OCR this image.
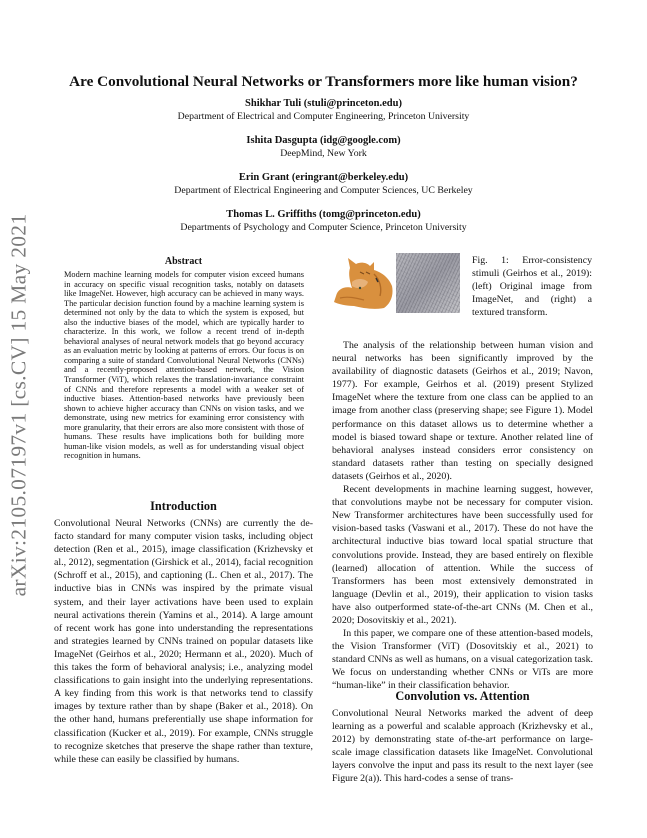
arXiv:2105.07197v1 [cs.CV] 15 May 2021
Are Convolutional Neural Networks or Transformers more like human vision?
Shikhar Tuli (stuli@princeton.edu)
Department of Electrical and Computer Engineering, Princeton University
Ishita Dasgupta (idg@google.com)
DeepMind, New York
Erin Grant (eringrant@berkeley.edu)
Department of Electrical Engineering and Computer Sciences, UC Berkeley
Thomas L. Griffiths (tomg@princeton.edu)
Departments of Psychology and Computer Science, Princeton University
Abstract
Modern machine learning models for computer vision exceed humans in accuracy on specific visual recognition tasks, notably on datasets like ImageNet. However, high accuracy can be achieved in many ways. The particular decision function found by a machine learning system is determined not only by the data to which the system is exposed, but also the inductive biases of the model, which are typically harder to characterize. In this work, we follow a recent trend of in-depth behavioral analyses of neural network models that go beyond accuracy as an evaluation metric by looking at patterns of errors. Our focus is on comparing a suite of standard Convolutional Neural Networks (CNNs) and a recently-proposed attention-based network, the Vision Transformer (ViT), which relaxes the translation-invariance constraint of CNNs and therefore represents a model with a weaker set of inductive biases. Attention-based networks have previously been shown to achieve higher accuracy than CNNs on vision tasks, and we demonstrate, using new metrics for examining error consistency with more granularity, that their errors are also more consistent with those of humans. These results have implications both for building more human-like vision models, as well as for understanding visual object recognition in humans.
Introduction

Convolutional Neural Networks (CNNs) are currently the de-facto standard for many computer vision tasks, including object detection (Ren et al., 2015), image classification (Krizhevsky et al., 2012), segmentation (Girshick et al., 2014), facial recognition (Schroff et al., 2015), and captioning (L. Chen et al., 2017). The inductive bias in CNNs was inspired by the primate visual system, and their layer activations have been used to explain neural activations therein (Yamins et al., 2014). A large amount of recent work has gone into understanding the representations and strategies learned by CNNs trained on popular datasets like ImageNet (Geirhos et al., 2020; Hermann et al., 2020). Much of this takes the form of behavioral analysis; i.e., analyzing model classifications to gain insight into the underlying representations. A key finding from this work is that networks tend to classify images by texture rather than by shape (Baker et al., 2018). On the other hand, humans preferentially use shape information for classification (Kucker et al., 2019). For example, CNNs struggle to recognize sketches that preserve the shape rather than texture, while these can easily be classified by humans.

Fig. 1: Error-consistency stimuli (Geirhos et al., 2019): (left) Original image from ImageNet, and (right) a textured transform.

The analysis of the relationship between human vision and neural networks has been significantly improved by the availability of diagnostic datasets (Geirhos et al., 2019; Navon, 1977). For example, Geirhos et al. (2019) present Stylized ImageNet where the texture from one class can be applied to an image from another class (preserving shape; see Figure 1). Model performance on this dataset allows us to determine whether a model is biased toward shape or texture. Another related line of behavioral analyses instead considers error consistency on standard datasets rather than testing on specially designed datasets (Geirhos et al., 2020).

Recent developments in machine learning suggest, however, that convolutions maybe not be necessary for computer vision. New Transformer architectures have been successfully used for vision-based tasks (Vaswani et al., 2017). These do not have the architectural inductive bias toward local spatial structure that convolutions provide. Instead, they are based entirely on flexible (learned) allocation of attention. While the success of Transformers has been most extensively demonstrated in language (Devlin et al., 2019), their application to vision tasks have also outperformed state-of-the-art CNNs (M. Chen et al., 2020; Dosovitskiy et al., 2021).

In this paper, we compare one of these attention-based models, the Vision Transformer (ViT) (Dosovitskiy et al., 2021) to standard CNNs as well as humans, on a visual categorization task. We focus on understanding whether CNNs or ViTs are more “human-like” in their classification behavior.

Convolution vs. Attention

Convolutional Neural Networks marked the advent of deep learning as a powerful and scalable approach (Krizhevsky et al., 2012) by demonstrating state of-the-art performance on large-scale image classification datasets like ImageNet. Convolutional layers convolve the input and pass its result to the next layer (see Figure 2(a)). This hard-codes a sense of trans-
